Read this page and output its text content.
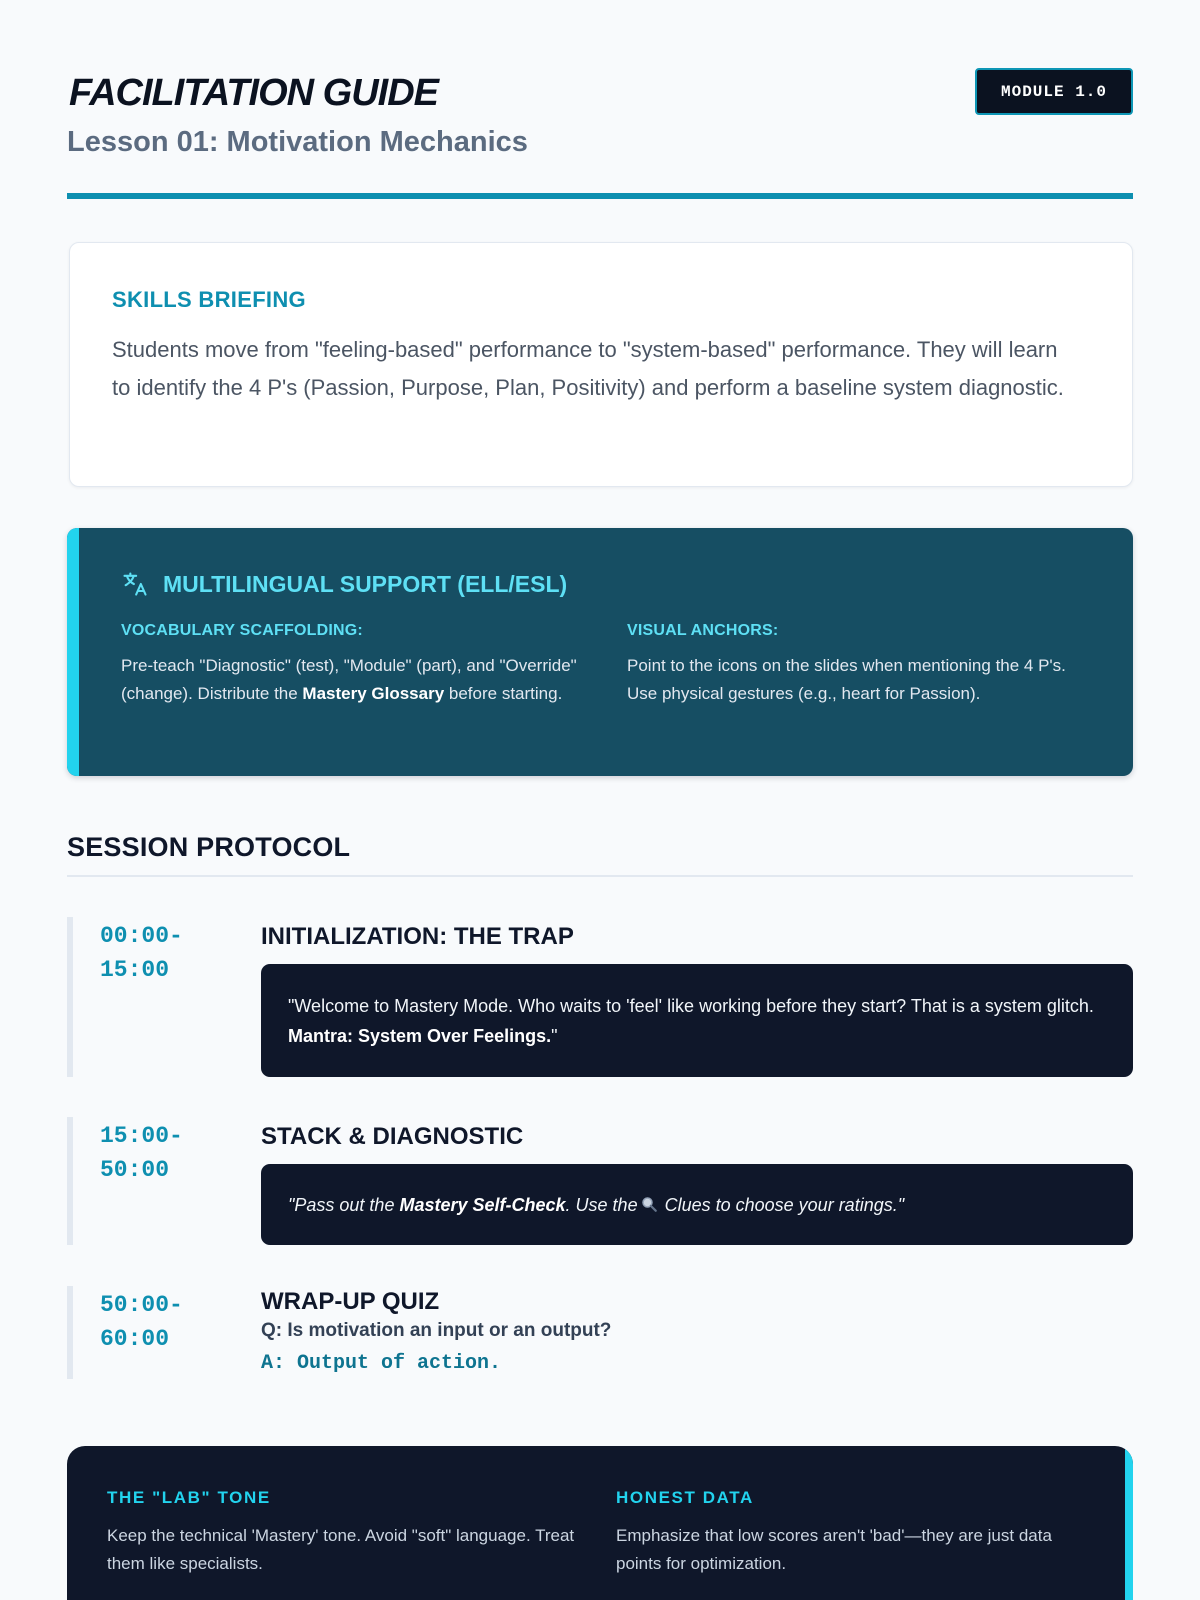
FACILITATION GUIDE
Lesson 01: Motivation Mechanics
MODULE 1.0
SKILLS BRIEFING
Students move from "feeling-based" performance to "system-based" performance. They will learn to identify the 4 P's (Passion, Purpose, Plan, Positivity) and perform a baseline system diagnostic.
MULTILINGUAL SUPPORT (ELL/ESL)
VOCABULARY SCAFFOLDING:
Pre-teach "Diagnostic" (test), "Module" (part), and "Override" (change). Distribute the Mastery Glossary before starting.
VISUAL ANCHORS:
Point to the icons on the slides when mentioning the 4 P's. Use physical gestures (e.g., heart for Passion).
SESSION PROTOCOL
00:00-
15:00
INITIALIZATION: THE TRAP
"Welcome to Mastery Mode. Who waits to 'feel' like working before they start? That is a system glitch. Mantra: System Over Feelings."
15:00-
50:00
STACK & DIAGNOSTIC
"Pass out the Mastery Self-Check. Use the Clues to choose your ratings."
50:00-
60:00
WRAP-UP QUIZ
Q: Is motivation an input or an output?
A: Output of action.
THE "LAB" TONE
Keep the technical 'Mastery' tone. Avoid "soft" language. Treat them like specialists.
HONEST DATA
Emphasize that low scores aren't 'bad'—they are just data points for optimization.
